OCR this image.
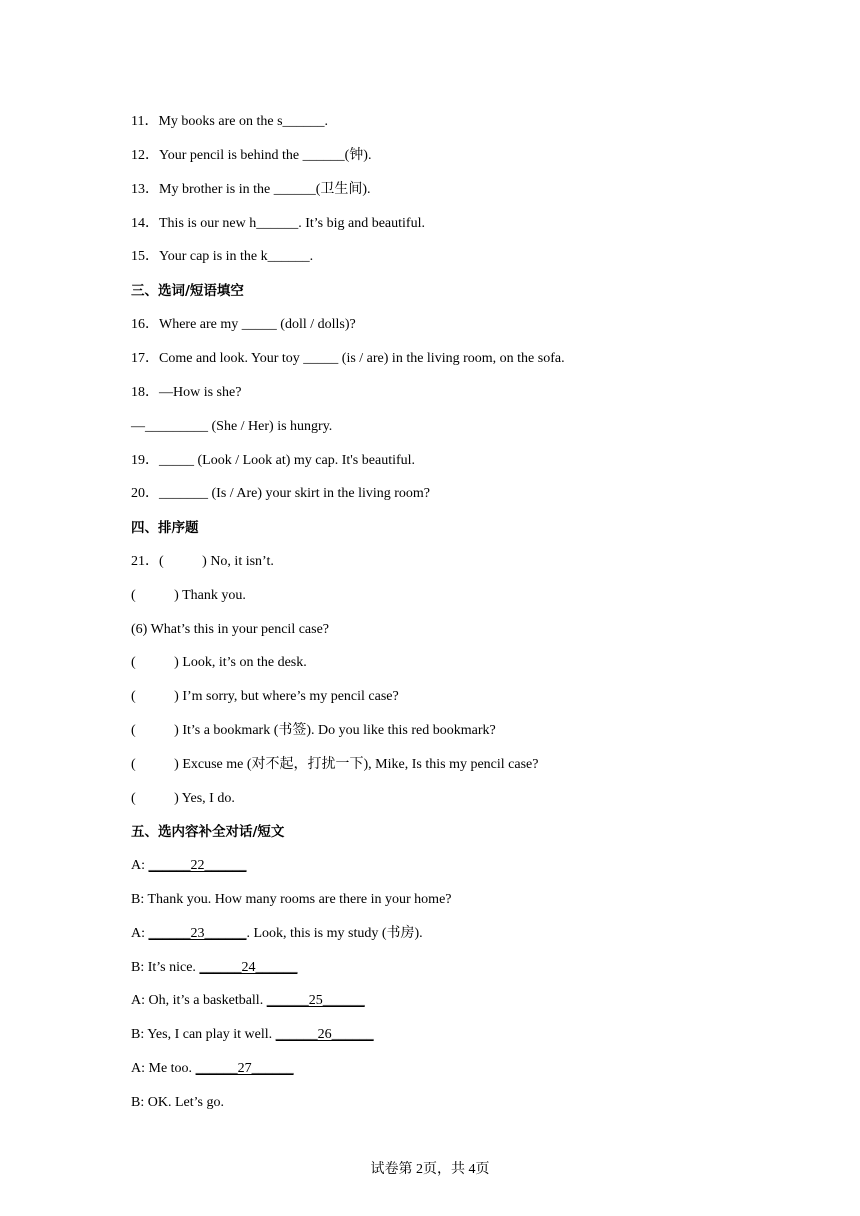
11．My books are on the s______.
12．Your pencil is behind the ______(钟).
13．My brother is in the ______(卫生间).
14．This is our new h______. It’s big and beautiful.
15．Your cap is in the k______.
三、选词/短语填空
16．Where are my _____ (doll / dolls)?
17．Come and look. Your toy _____ (is / are) in the living room, on the sofa.
18．—How is she?
—_________ (She / Her) is hungry.
19．_____ (Look / Look at) my cap. It's beautiful.
20．_______ (Is / Are) your skirt in the living room?
四、排序题
21．(           ) No, it isn’t.
(           ) Thank you.
(6) What’s this in your pencil case?
(           ) Look, it’s on the desk.
(           ) I’m sorry, but where’s my pencil case?
(           ) It’s a bookmark (书签). Do you like this red bookmark?
(           ) Excuse me (对不起，打扰一下), Mike, Is this my pencil case?
(           ) Yes, I do.
五、选内容补全对话/短文
A: ______22______
B: Thank you. How many rooms are there in your home?
A: ______23______. Look, this is my study (书房).
B: It’s nice. ______24______
A: Oh, it’s a basketball. ______25______
B: Yes, I can play it well. ______26______
A: Me too. ______27______
B: OK. Let’s go.
试卷第 2页，共 4页
